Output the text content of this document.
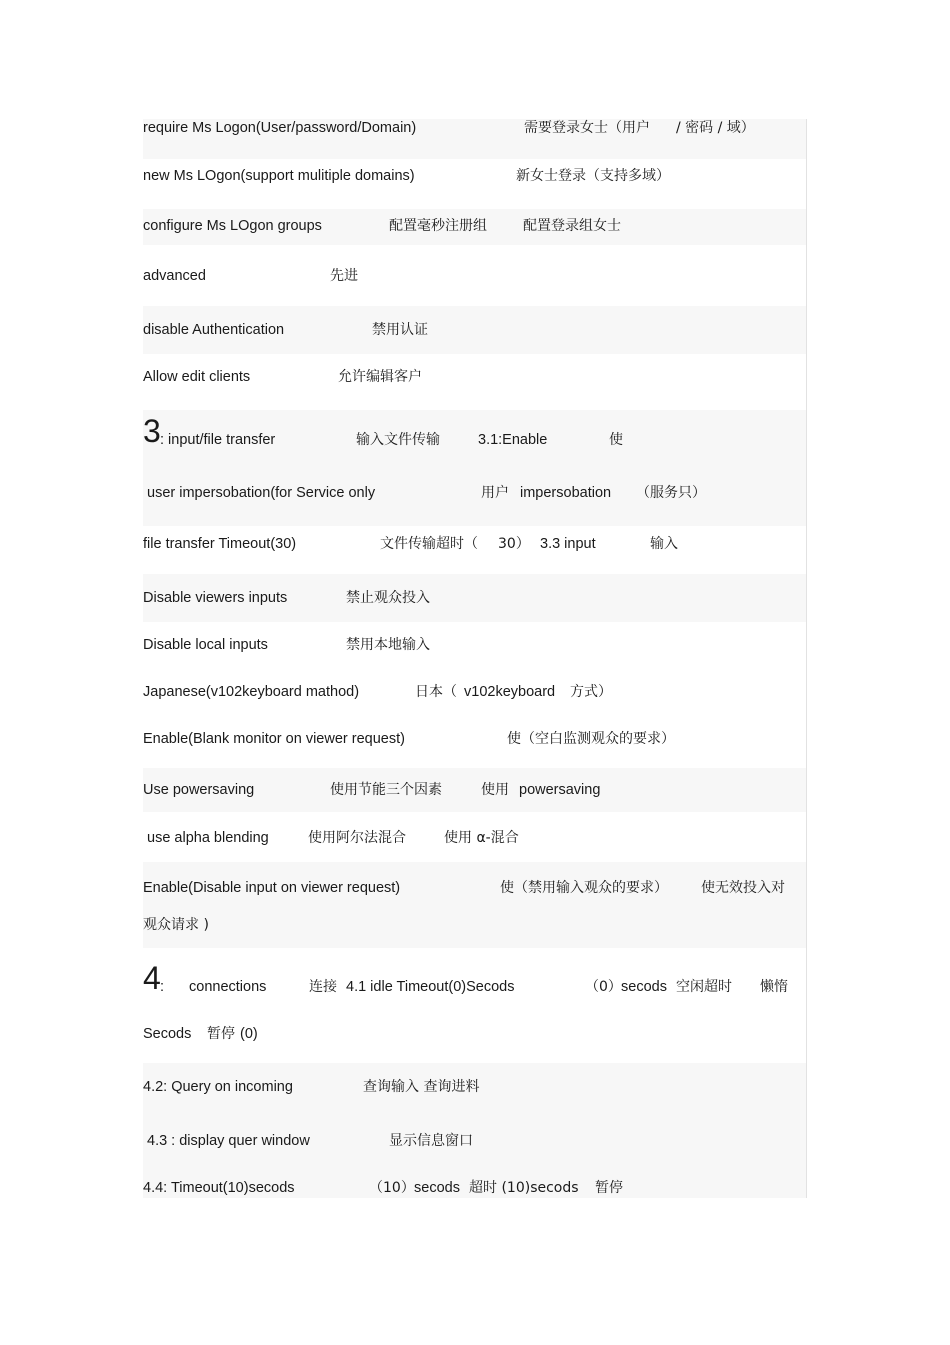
require Ms Logon(User/password/Domain)	需要登录女士（用户 / 密码 / 域）
new Ms LOgon(support mulitiple domains)	新女士登录（支持多域）
configure Ms LOgon groups	配置毫秒注册组	配置登录组女士
advanced	先进
disable Authentication	禁用认证
Allow edit clients	允许编辑客户
3 : input/file transfer	输入文件传输	3.1:Enable	使
user impersobation(for Service only	用户 impersobation （服务只）
file transfer Timeout(30)	文件传输超时（ 30） 3.3 input	输入
Disable viewers inputs	禁止观众投入
Disable local inputs	禁用本地输入
Japanese(v102keyboard mathod)	日本（ v102keyboard 方式）
Enable(Blank monitor on viewer request)	使（空白监测观众的要求）
Use powersaving	使用节能三个因素	使用 powersaving
use alpha blending	使用阿尔法混合	使用 α-混合
Enable(Disable input on viewer request)	使（禁用输入观众的要求） 使无效投入对
观众请求 )
4 : connections	连接 4.1 idle Timeout(0)Secods	（0） secods 空闲超时 懒惰
Secods 暂停 (0)
4.2: Query on incoming	查询输入 查询进料
4.3 : display quer window	显示信息窗口
4.4: Timeout(10)secods	（10） secods 超时 (10)secods 暂停
